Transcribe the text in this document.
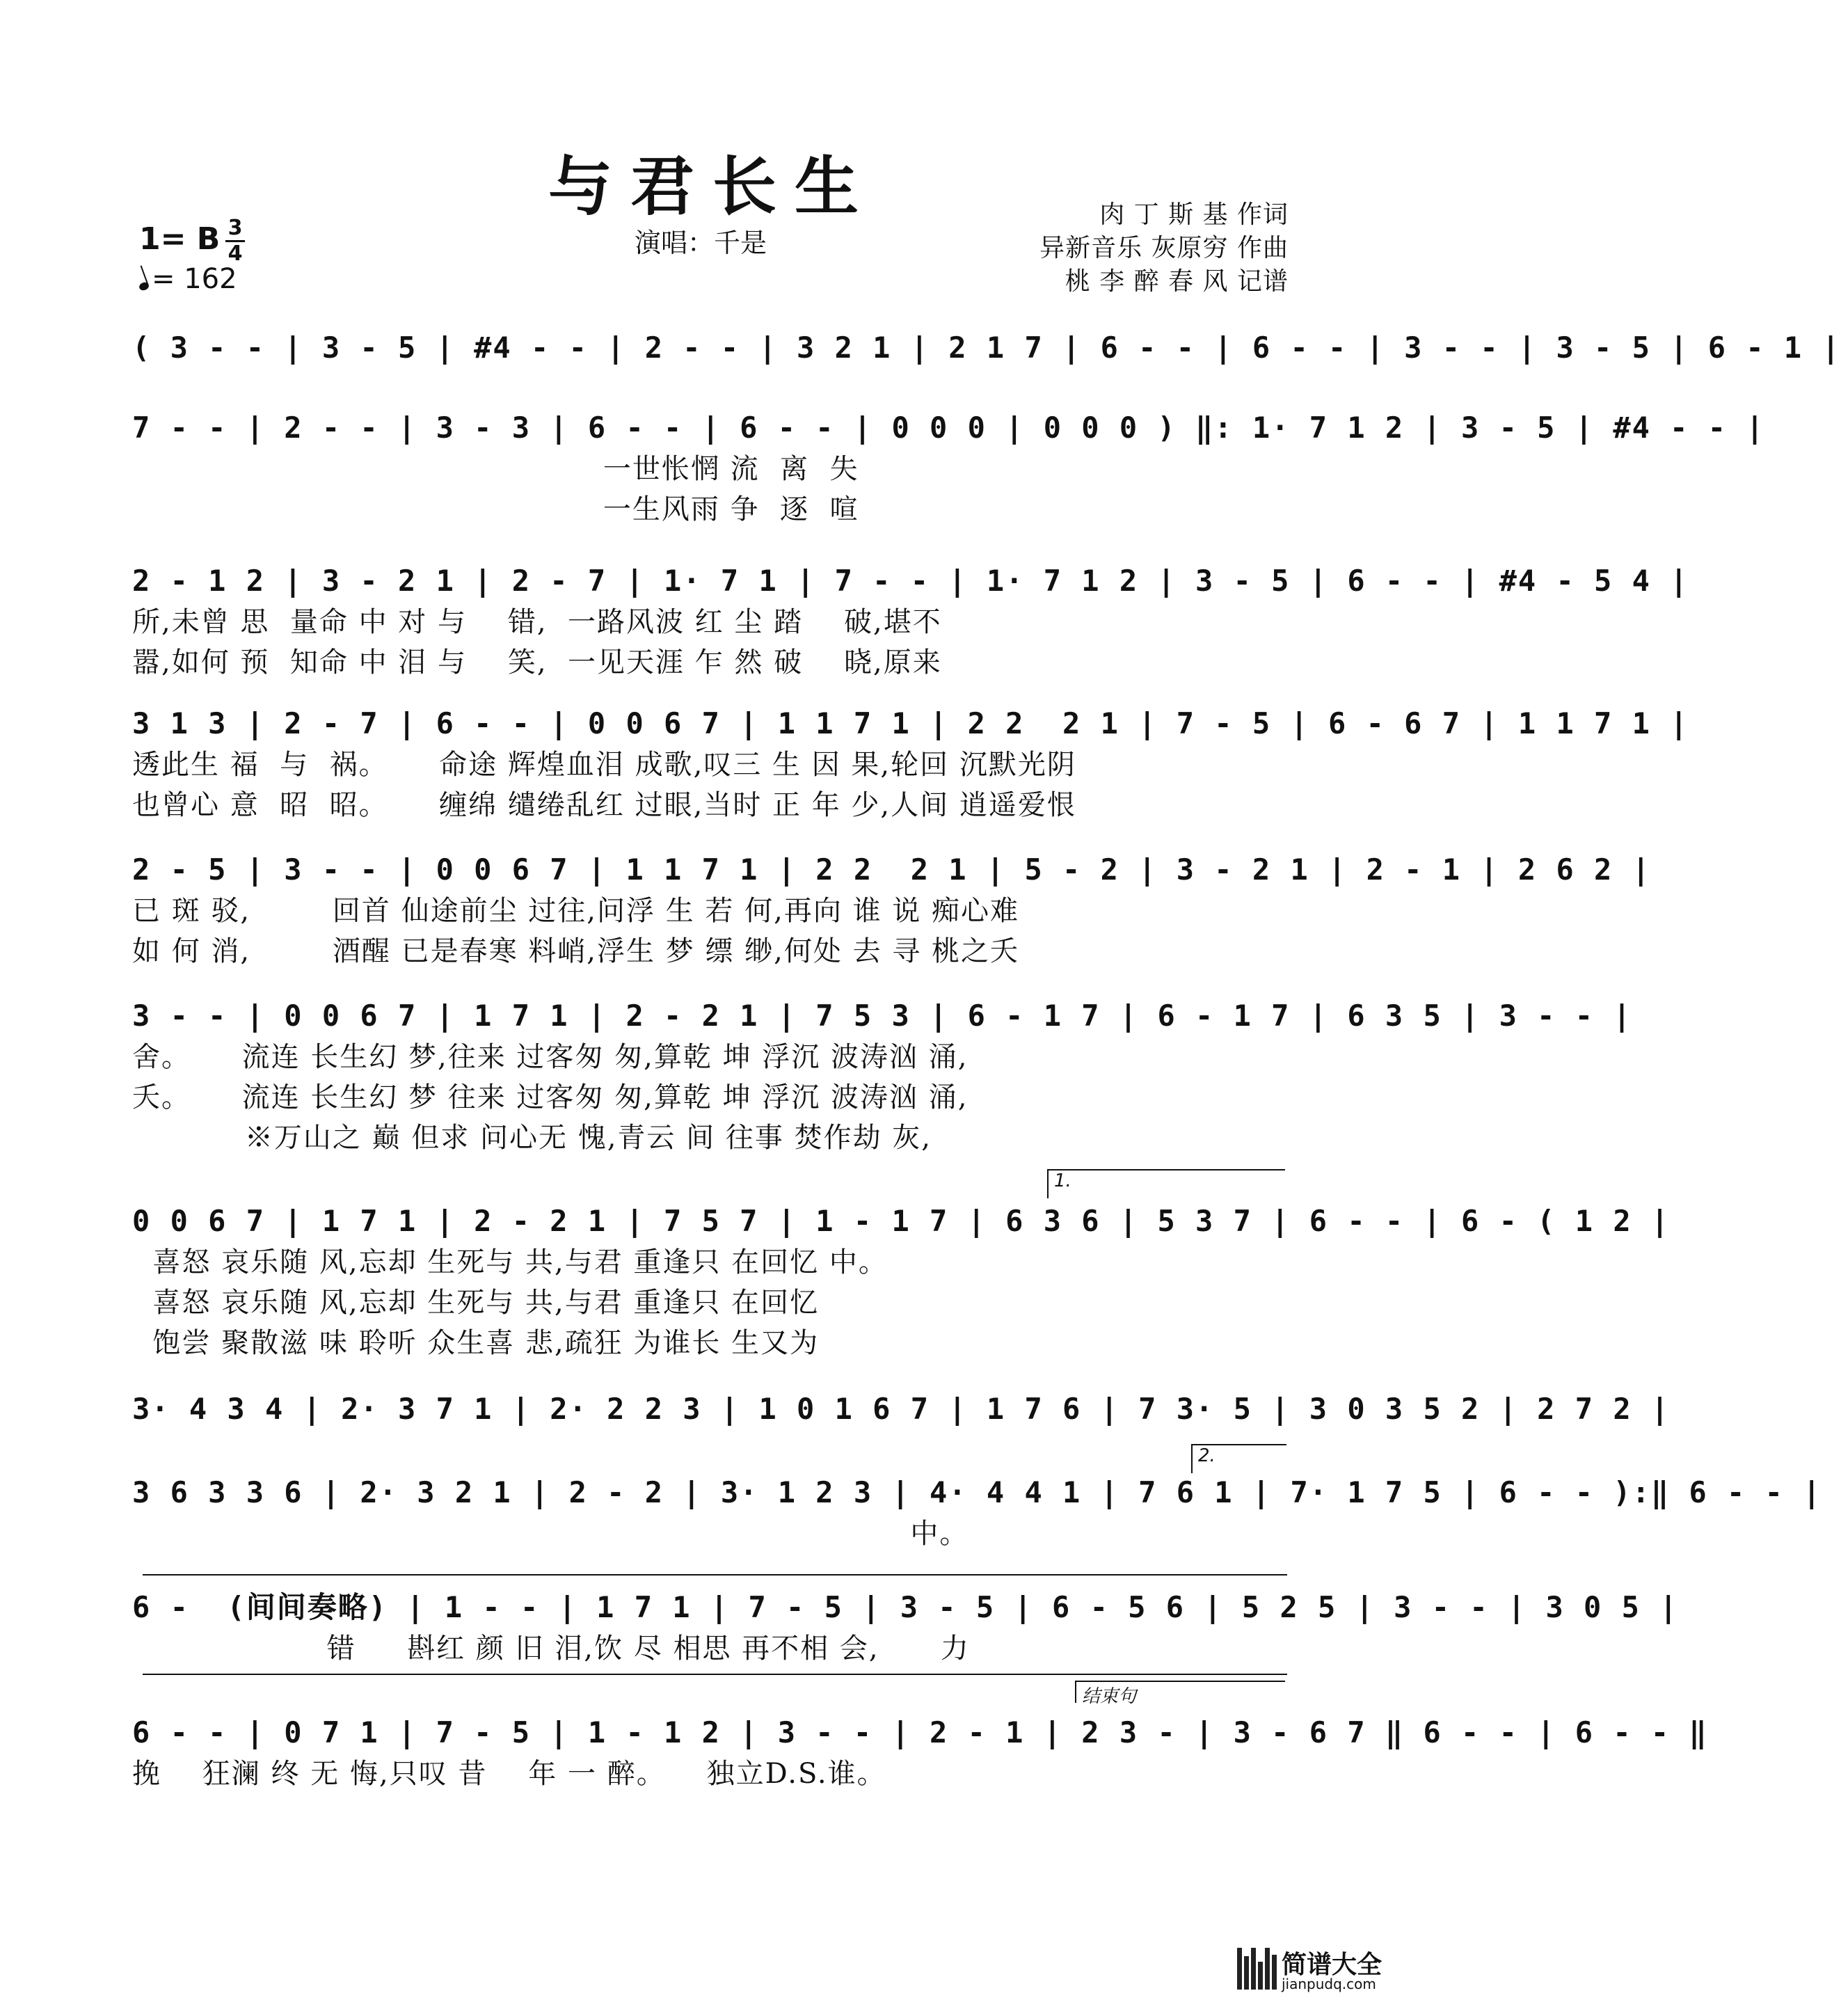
与君长生
1= B 3
4
= 162
演唱：千是
肉 丁 斯 基 作词
异新音乐 灰原穷 作曲
桃 李 醉 春 风 记谱
( 3 - - | 3 - 5 | #4 - - | 2 - - | 3 2 1 | 2 1 7 | 6 - - | 6 - - | 3 - - | 3 - 5 | 6 - 1 |
7 - - | 2 - - | 3 - 3 | 6 - - | 6 - - | 0 0 0 | 0 0 0 ) ‖: 1· 7 1 2 | 3 - 5 | #4 - - |
一世怅惘 流  离  失
一生风雨 争  逐  喧
2 - 1 2 | 3 - 2 1 | 2 - 7 | 1· 7 1 | 7 - - | 1· 7 1 2 | 3 - 5 | 6 - - | #4 - 5 4 |
所,未曾 思  量命 中 对 与    错,  一路风波 红 尘 踏    破,堪不
嚣,如何 预  知命 中 泪 与    笑,  一见天涯 乍 然 破    晓,原来
3 1 3 | 2 - 7 | 6 - - | 0 0 6 7 | 1 1 7 1 | 2 2  2 1 | 7 - 5 | 6 - 6 7 | 1 1 7 1 |
透此生 福  与  祸。     命途 辉煌血泪 成歌,叹三 生 因 果,轮回 沉默光阴
也曾心 意  昭  昭。     缠绵 缱绻乱红 过眼,当时 正 年 少,人间 逍遥爱恨
2 - 5 | 3 - - | 0 0 6 7 | 1 1 7 1 | 2 2  2 1 | 5 - 2 | 3 - 2 1 | 2 - 1 | 2 6 2 |
已 斑 驳,        回首 仙途前尘 过往,问浮 生 若 何,再向 谁 说 痴心难
如 何 消,        酒醒 已是春寒 料峭,浮生 梦 缥 缈,何处 去 寻 桃之夭
3 - - | 0 0 6 7 | 1 7 1 | 2 - 2 1 | 7 5 3 | 6 - 1 7 | 6 - 1 7 | 6 3 5 | 3 - - |
舍。     流连 长生幻 梦,往来 过客匆 匆,算乾 坤 浮沉 波涛汹 涌,
夭。     流连 长生幻 梦 往来 过客匆 匆,算乾 坤 浮沉 波涛汹 涌,
※万山之 巅 但求 问心无 愧,青云 间 往事 焚作劫 灰,
1.
0 0 6 7 | 1 7 1 | 2 - 2 1 | 7 5 7 | 1 - 1 7 | 6 3 6 | 5 3 7 | 6 - - | 6 - ( 1 2 |
喜怒 哀乐随 风,忘却 生死与 共,与君 重逢只 在回忆 中。
喜怒 哀乐随 风,忘却 生死与 共,与君 重逢只 在回忆
饱尝 聚散滋 味 聆听 众生喜 悲,疏狂 为谁长 生又为
3· 4 3 4 | 2· 3 7 1 | 2· 2 2 3 | 1 0 1 6 7 | 1 7 6 | 7 3· 5 | 3 0 3 5 2 | 2 7 2 |
2.
3 6 3 3 6 | 2· 3 2 1 | 2 - 2 | 3· 1 2 3 | 4· 4 4 1 | 7 6 1 | 7· 1 7 5 | 6 - - ):‖ 6 - - |
中。
6 -  (间间奏略) | 1 - - | 1 7 1 | 7 - 5 | 3 - 5 | 6 - 5 6 | 5 2 5 | 3 - - | 3 0 5 |
错     斟红 颜 旧 泪,饮 尽 相思 再不相 会,      力
结束句
6 - - | 0 7 1 | 7 - 5 | 1 - 1 2 | 3 - - | 2 - 1 | 2 3 - | 3 - 6 7 ‖ 6 - - | 6 - - ‖
挽    狂澜 终 无 悔,只叹 昔    年 一 醉。    独立D.S.谁。
简谱大全
jianpudq.com
